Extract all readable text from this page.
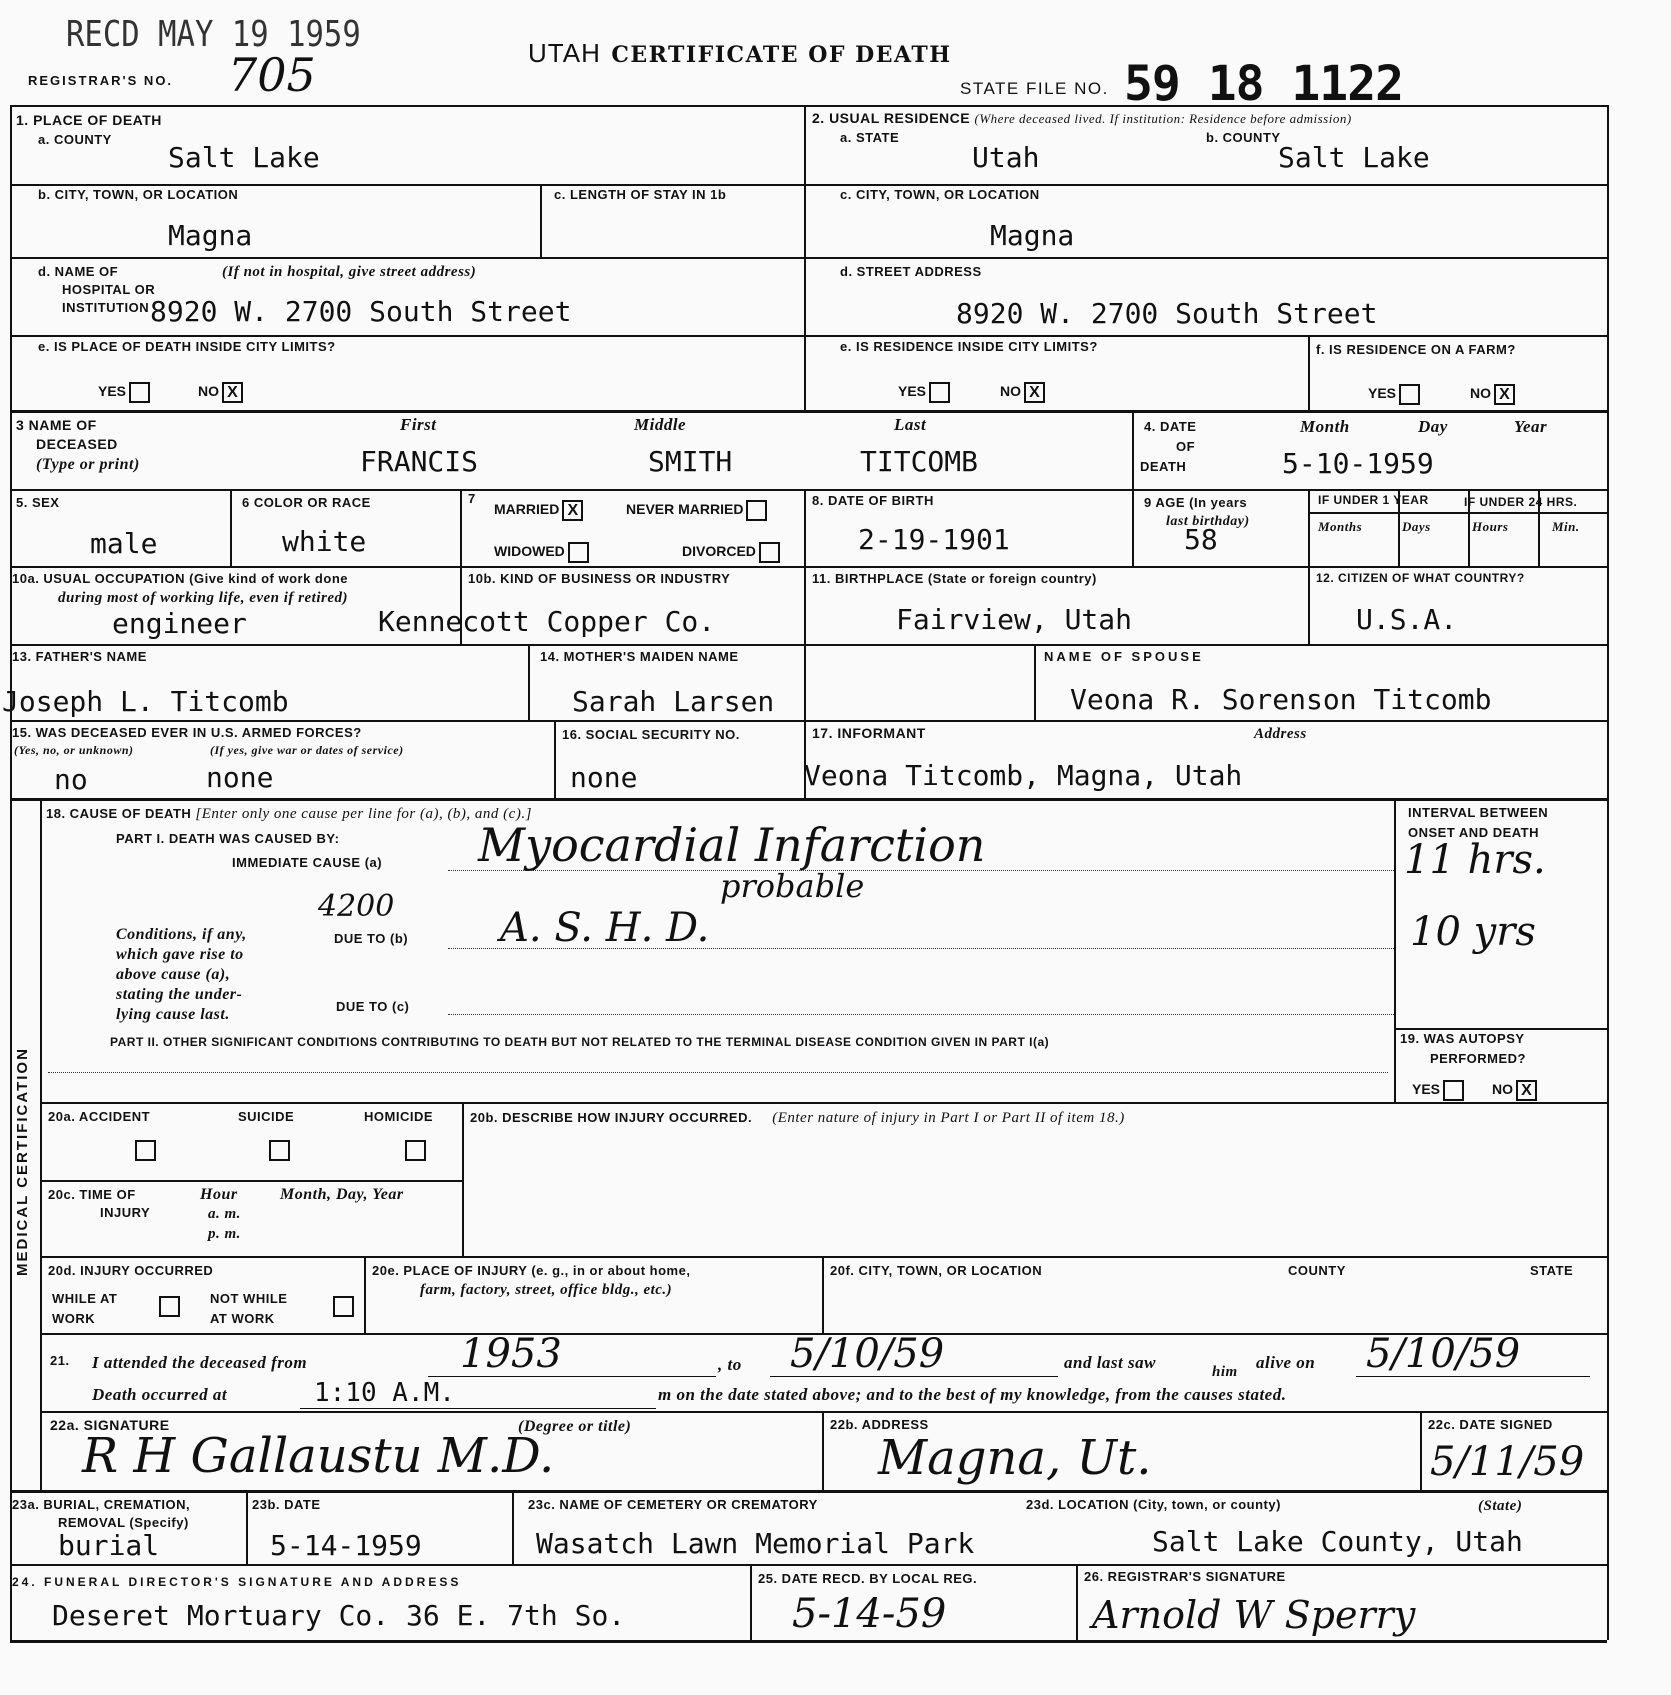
RECD MAY 19 1959
REGISTRAR'S NO. 705	UTAH CERTIFICATE OF DEATH
STATE FILE NO. 59 18 1122
1. PLACE OF DEATH
a. COUNTY
Salt Lake
2. USUAL RESIDENCE (Where deceased lived. If institution: Residence before admission)
a. STATE
Utah
b. COUNTY
Salt Lake
b. CITY, TOWN, OR LOCATION
Magna
c. LENGTH OF STAY IN 1b	c. CITY, TOWN, OR LOCATION
Magna
d. NAME OF
HOSPITAL OR
INSTITUTION
(If not in hospital, give street address)
8920 W. 2700 South Street
d. STREET ADDRESS
8920 W. 2700 South Street
e. IS PLACE OF DEATH INSIDE CITY LIMITS?
YES	NO X
e. IS RESIDENCE INSIDE CITY LIMITS?
YES	NO X
f. IS RESIDENCE ON A FARM?
YES	NO X
3 NAME OF
DECEASED
(Type or print)
First	Middle	Last
FRANCIS	SMITH	TITCOMB
4. DATE
OF
DEATH
Month	Day	Year
5-10-1959
5. SEX
male
6 COLOR OR RACE
white
7
MARRIED X	NEVER MARRIED
WIDOWED	DIVORCED
8. DATE OF BIRTH
2-19-1901
9 AGE (In years
last birthday)
58
IF UNDER 1 YEAR	IF UNDER 24 HRS.
Months	Days	Hours	Min.
10a. USUAL OCCUPATION (Give kind of work done
during most of working life, even if retired)
engineer
10b. KIND OF BUSINESS OR INDUSTRY
Kennecott Copper Co.
11. BIRTHPLACE (State or foreign country)
Fairview, Utah
12. CITIZEN OF WHAT COUNTRY?
U.S.A.
13. FATHER'S NAME
Joseph L. Titcomb
14. MOTHER'S MAIDEN NAME
Sarah Larsen
NAME OF SPOUSE
Veona R. Sorenson Titcomb
15. WAS DECEASED EVER IN U.S. ARMED FORCES?
(Yes, no, or unknown)	(If yes, give war or dates of service)
no	none
16. SOCIAL SECURITY NO.
none
17. INFORMANT	Address
Veona Titcomb, Magna, Utah
MEDICAL CERTIFICATION
18. CAUSE OF DEATH [Enter only one cause per line for (a), (b), and (c).]
PART I. DEATH WAS CAUSED BY:
IMMEDIATE CAUSE (a) Myocardial Infarction
probable
4200
Conditions, if any,
which gave rise to
above cause (a),
stating the under-
lying cause last.
DUE TO (b) A. S. H. D.
DUE TO (c)
INTERVAL BETWEEN
ONSET AND DEATH
11 hrs.
10 yrs
PART II. OTHER SIGNIFICANT CONDITIONS CONTRIBUTING TO DEATH BUT NOT RELATED TO THE TERMINAL DISEASE CONDITION GIVEN IN PART I(a)	19. WAS AUTOPSY
PERFORMED?
YES	NO X
20a. ACCIDENT	SUICIDE	HOMICIDE	20b. DESCRIBE HOW INJURY OCCURRED. (Enter nature of injury in Part I or Part II of item 18.)
20c. TIME OF
INJURY
Hour
a. m.
p. m.
Month, Day, Year
20d. INJURY OCCURRED
WHILE AT
WORK
NOT WHILE
AT WORK
20e. PLACE OF INJURY (e. g., in or about home,
farm, factory, street, office bldg., etc.)
20f. CITY, TOWN, OR LOCATION	COUNTY	STATE
21. I attended the deceased from	1953	, to 5/10/59	and last saw	him alive on 5/10/59
Death occurred at	1:10 A.M.	m on the date stated above; and to the best of my knowledge, from the causes stated.
22a. SIGNATURE	(Degree or title)
R H Gallaustu M.D.
22b. ADDRESS
Magna, Ut.
22c. DATE SIGNED
5/11/59
23a. BURIAL, CREMATION,
REMOVAL (Specify)
burial
23b. DATE
5-14-1959
23c. NAME OF CEMETERY OR CREMATORY
Wasatch Lawn Memorial Park
23d. LOCATION (City, town, or county)	(State)
Salt Lake County, Utah
24. FUNERAL DIRECTOR'S SIGNATURE AND ADDRESS
Deseret Mortuary Co. 36 E. 7th So.
25. DATE RECD. BY LOCAL REG.
5-14-59
26. REGISTRAR'S SIGNATURE
Arnold W Sperry
